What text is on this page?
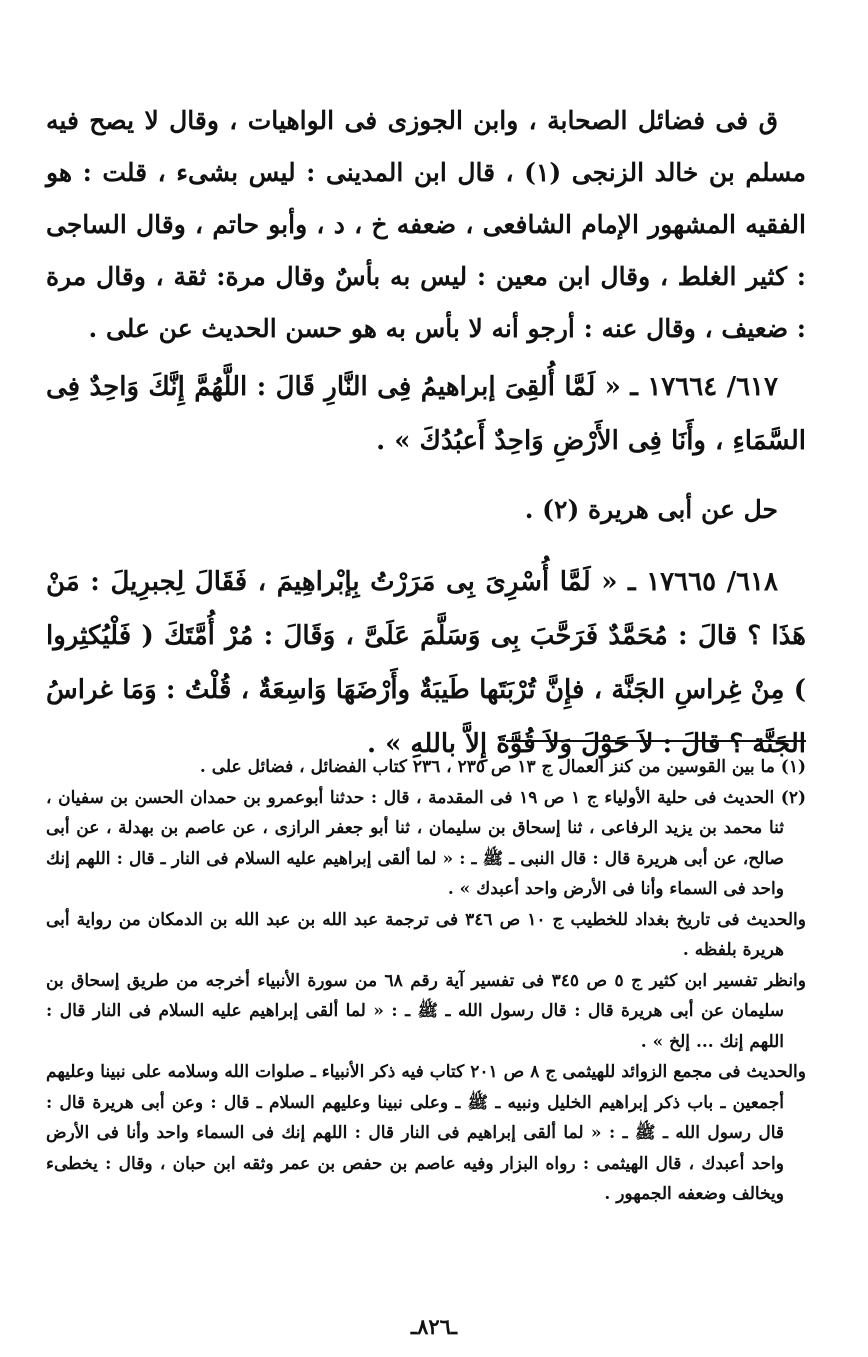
ق فى فضائل الصحابة ، وابن الجوزى فى الواهيات ، وقال لا يصح فيه مسلم بن خالد الزنجى (١) ، قال ابن المدينى : ليس بشىء ، قلت : هو الفقيه المشهور الإمام الشافعى ، ضعفه خ ، د ، وأبو حاتم ، وقال الساجى : كثير الغلط ، وقال ابن معين : ليس به بأسٌ وقال مرة: ثقة ، وقال مرة : ضعيف ، وقال عنه : أرجو أنه لا بأس به هو حسن الحديث عن على .

٦١٧/ ١٧٦٦٤ ـ « لَمَّا أُلقِىَ إبراهيمُ فِى النَّارِ قَالَ : اللَّهُمَّ إِنَّكَ وَاحِدٌ فِى السَّمَاءِ ، وأَنَا فِى الأَرْضِ وَاحِدٌ أَعبُدُكَ » .

حل عن أبى هريرة (٢) .

٦١٨/ ١٧٦٦٥ ـ « لَمَّا أُسْرِىَ بِى مَرَرْتُ بِإبْراهِيمَ ، فَقَالَ لِجبرِيلَ : مَنْ هَذَا ؟ قالَ : مُحَمَّدٌ فَرَحَّبَ بِى وَسَلَّمَ عَلَىَّ ، وَقَالَ : مُرْ أُمَّتَكَ ( فَلْيُكثِروا ) مِنْ غِراسِ الجَنَّة ، فإِنَّ تُرْبَتَها طَيبَةٌ وأَرْضَهَا وَاسِعَةٌ ، قُلْتُ : وَمَا غراسُ الجَنَّة ؟ قالَ : لاَ حَوْلَ وَلاَ قُوَّةَ إِلاَّ باللهِ » .

(١) ما بين القوسين من كنز العمال ج ١٣ ص ٢٣٥ ، ٢٣٦ كتاب الفضائل ، فضائل على .

(٢) الحديث فى حلية الأولياء ج ١ ص ١٩ فى المقدمة ، قال : حدثنا أبوعمرو بن حمدان الحسن بن سفيان ، ثنا محمد بن يزيد الرفاعى ، ثنا إسحاق بن سليمان ، ثنا أبو جعفر الرازى ، عن عاصم بن بهدلة ، عن أبى صالح، عن أبى هريرة قال : قال النبى ـ ﷺ ـ : « لما ألقى إبراهيم عليه السلام فى النار ـ قال : اللهم إنك واحد فى السماء وأنا فى الأرض واحد أعبدك » .

والحديث فى تاريخ بغداد للخطيب ج ١٠ ص ٣٤٦ فى ترجمة عبد الله بن عبد الله بن الدمكان من رواية أبى هريرة بلفظه .

وانظر تفسير ابن كثير ج ٥ ص ٣٤٥ فى تفسير آية رقم ٦٨ من سورة الأنبياء أخرجه من طريق إسحاق بن سليمان عن أبى هريرة قال : قال رسول الله ـ ﷺ ـ : « لما ألقى إبراهيم عليه السلام فى النار قال : اللهم إنك ... إلخ » .

والحديث فى مجمع الزوائد للهيثمى ج ٨ ص ٢٠١ كتاب فيه ذكر الأنبياء ـ صلوات الله وسلامه على نبينا وعليهم أجمعين ـ باب ذكر إبراهيم الخليل ونبيه ـ ﷺ ـ وعلى نبينا وعليهم السلام ـ قال : وعن أبى هريرة قال : قال رسول الله ـ ﷺ ـ : « لما ألقى إبراهيم فى النار قال : اللهم إنك فى السماء واحد وأنا فى الأرض واحد أعبدك ، قال الهيثمى : رواه البزار وفيه عاصم بن حفص بن عمر وثقه ابن حبان ، وقال : يخطىء ويخالف وضعفه الجمهور .

ـ٨٢٦ـ
